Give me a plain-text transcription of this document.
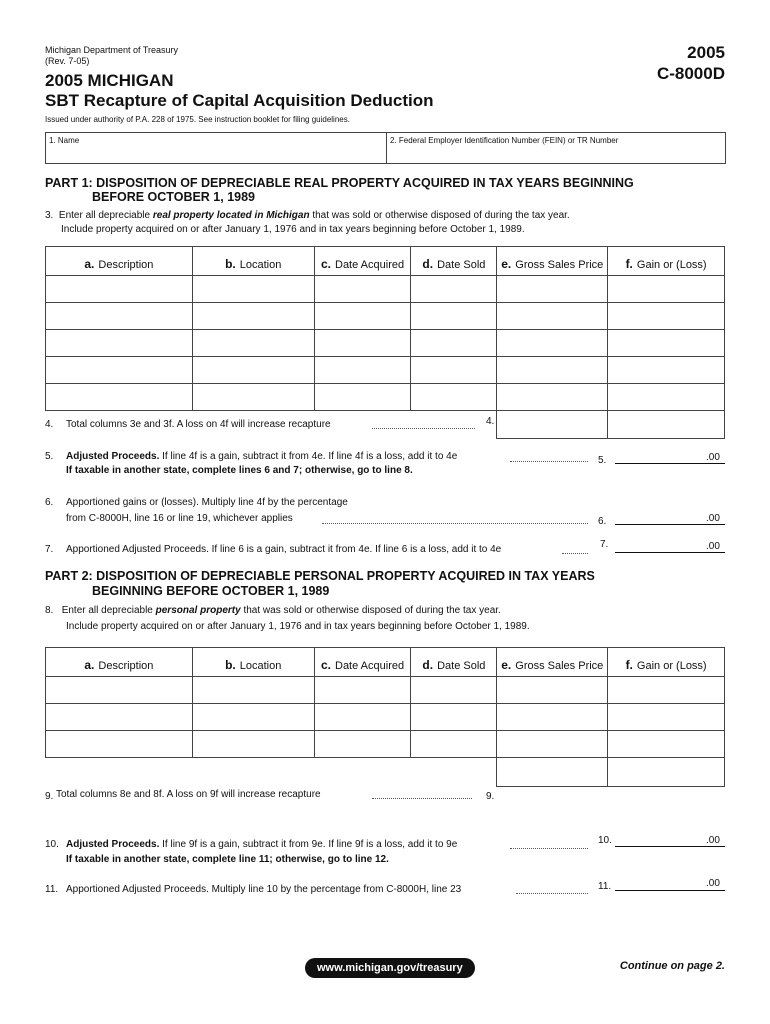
Michigan Department of Treasury
(Rev. 7-05)	2005
C-8000D
2005 MICHIGAN
SBT Recapture of Capital Acquisition Deduction
Issued under authority of P.A. 228 of 1975. See instruction booklet for filing guidelines.
1. Name	2. Federal Employer Identification Number (FEIN) or TR Number
PART 1: DISPOSITION OF DEPRECIABLE REAL PROPERTY ACQUIRED IN TAX YEARS BEGINNING
BEFORE OCTOBER 1, 1989
3. Enter all depreciable real property located in Michigan that was sold or otherwise disposed of during the tax year.
Include property acquired on or after January 1, 1976 and in tax years beginning before October 1, 1989.
a. Description	b. Location	c. Date Acquired	d. Date Sold	e. Gross Sales Price	f. Gain or (Loss)

4. Total columns 3e and 3f. A loss on 4f will increase recapture	4.
5. Adjusted Proceeds. If line 4f is a gain, subtract it from 4e. If line 4f is a loss, add it to 4e
If taxable in another state, complete lines 6 and 7; otherwise, go to line 8.
5.	.00
6. Apportioned gains or (losses). Multiply line 4f by the percentage
from C-8000H, line 16 or line 19, whichever applies	6.	.00
7. Apportioned Adjusted Proceeds. If line 6 is a gain, subtract it from 4e. If line 6 is a loss, add it to 4e	7.	.00
PART 2: DISPOSITION OF DEPRECIABLE PERSONAL PROPERTY ACQUIRED IN TAX YEARS
BEGINNING BEFORE OCTOBER 1, 1989
8. Enter all depreciable personal property that was sold or otherwise disposed of during the tax year.
Include property acquired on or after January 1, 1976 and in tax years beginning before October 1, 1989.
a. Description	b. Location	c. Date Acquired	d. Date Sold	e. Gross Sales Price	f. Gain or (Loss)

9. Total columns 8e and 8f. A loss on 9f will increase recapture	9.
10. Adjusted Proceeds. If line 9f is a gain, subtract it from 9e. If line 9f is a loss, add it to 9e
If taxable in another state, complete line 11; otherwise, go to line 12.
10.	.00
11. Apportioned Adjusted Proceeds. Multiply line 10 by the percentage from C-8000H, line 23	11.	.00
www.michigan.gov/treasury	Continue on page 2.
